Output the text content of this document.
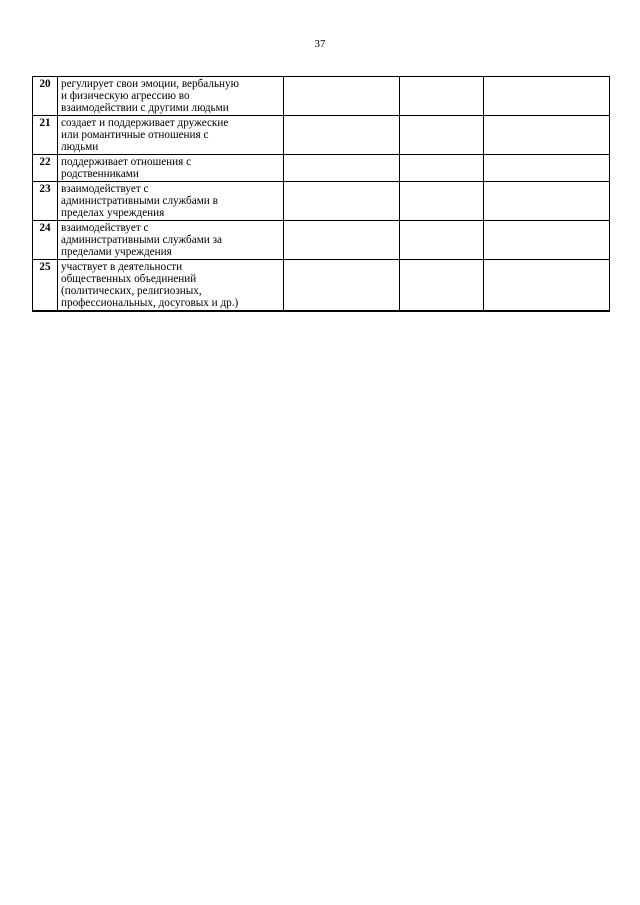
37
20	регулирует свои эмоции, вербальную
и физическую агрессию во
взаимодействии с другими людьми			
21	создает и поддерживает дружеские
или романтичные отношения с
людьми			
22	поддерживает отношения с
родственниками			
23	взаимодействует с
административными службами в
пределах учреждения			
24	взаимодействует с
административными службами за
пределами учреждения			
25	участвует в деятельности
общественных объединений
(политических, религиозных,
профессиональных, досуговых и др.)			
